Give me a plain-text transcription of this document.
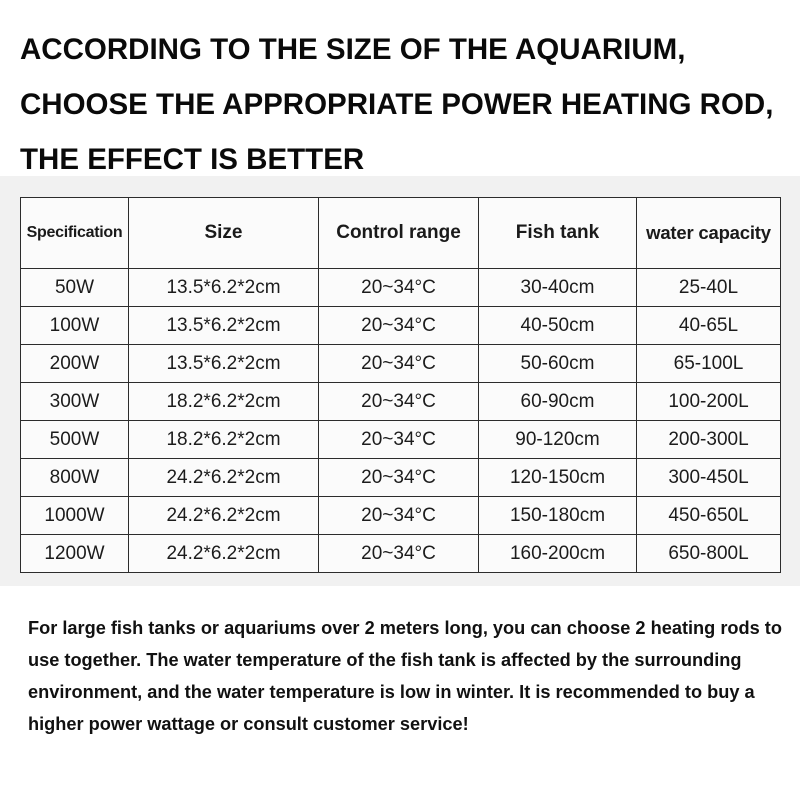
ACCORDING TO THE SIZE OF THE AQUARIUM, CHOOSE THE APPROPRIATE POWER HEATING ROD, THE EFFECT IS BETTER
Specification	Size	Control range	Fish tank	water capacity
50W	13.5*6.2*2cm	20~34°C	30-40cm	25-40L
100W	13.5*6.2*2cm	20~34°C	40-50cm	40-65L
200W	13.5*6.2*2cm	20~34°C	50-60cm	65-100L
300W	18.2*6.2*2cm	20~34°C	60-90cm	100-200L
500W	18.2*6.2*2cm	20~34°C	90-120cm	200-300L
800W	24.2*6.2*2cm	20~34°C	120-150cm	300-450L
1000W	24.2*6.2*2cm	20~34°C	150-180cm	450-650L
1200W	24.2*6.2*2cm	20~34°C	160-200cm	650-800L

For large fish tanks or aquariums over 2 meters long, you can choose 2 heating rods to use together. The water temperature of the fish tank is affected by the surrounding environment, and the water temperature is low in winter. It is recommended to buy a higher power wattage or consult customer service!
